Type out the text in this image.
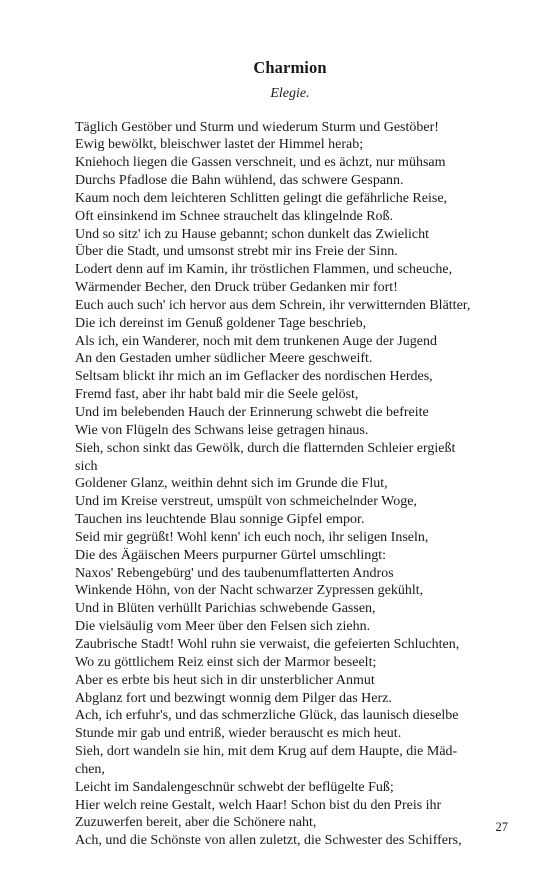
Charmion
Elegie.
Täglich Gestöber und Sturm und wiederum Sturm und Gestöber!
Ewig bewölkt, bleischwer lastet der Himmel herab;
Kniehoch liegen die Gassen verschneit, und es ächzt, nur mühsam
Durchs Pfadlose die Bahn wühlend, das schwere Gespann.
Kaum noch dem leichteren Schlitten gelingt die gefährliche Reise,
Oft einsinkend im Schnee strauchelt das klingelnde Roß.
Und so sitz' ich zu Hause gebannt; schon dunkelt das Zwielicht
Über die Stadt, und umsonst strebt mir ins Freie der Sinn.
Lodert denn auf im Kamin, ihr tröstlichen Flammen, und scheuche,
Wärmender Becher, den Druck trüber Gedanken mir fort!
Euch auch such' ich hervor aus dem Schrein, ihr verwitternden Blätter,
Die ich dereinst im Genuß goldener Tage beschrieb,
Als ich, ein Wanderer, noch mit dem trunkenen Auge der Jugend
An den Gestaden umher südlicher Meere geschweift.
Seltsam blickt ihr mich an im Geflacker des nordischen Herdes,
Fremd fast, aber ihr habt bald mir die Seele gelöst,
Und im belebenden Hauch der Erinnerung schwebt die befreite
Wie von Flügeln des Schwans leise getragen hinaus.
Sieh, schon sinkt das Gewölk, durch die flatternden Schleier ergießt
sich
Goldener Glanz, weithin dehnt sich im Grunde die Flut,
Und im Kreise verstreut, umspült von schmeichelnder Woge,
Tauchen ins leuchtende Blau sonnige Gipfel empor.
Seid mir gegrüßt! Wohl kenn' ich euch noch, ihr seligen Inseln,
Die des Ägäischen Meers purpurner Gürtel umschlingt:
Naxos' Rebengebürg' und des taubenumflatterten Andros
Winkende Höhn, von der Nacht schwarzer Zypressen gekühlt,
Und in Blüten verhüllt Parichias schwebende Gassen,
Die vielsäulig vom Meer über den Felsen sich ziehn.
Zaubrische Stadt! Wohl ruhn sie verwaist, die gefeierten Schluchten,
Wo zu göttlichem Reiz einst sich der Marmor beseelt;
Aber es erbte bis heut sich in dir unsterblicher Anmut
Abglanz fort und bezwingt wonnig dem Pilger das Herz.
Ach, ich erfuhr's, und das schmerzliche Glück, das launisch dieselbe
Stunde mir gab und entriß, wieder berauscht es mich heut.
Sieh, dort wandeln sie hin, mit dem Krug auf dem Haupte, die Mäd-
chen,
Leicht im Sandalengeschnür schwebt der beflügelte Fuß;
Hier welch reine Gestalt, welch Haar! Schon bist du den Preis ihr
Zuzuwerfen bereit, aber die Schönere naht,
Ach, und die Schönste von allen zuletzt, die Schwester des Schiffers,
27
